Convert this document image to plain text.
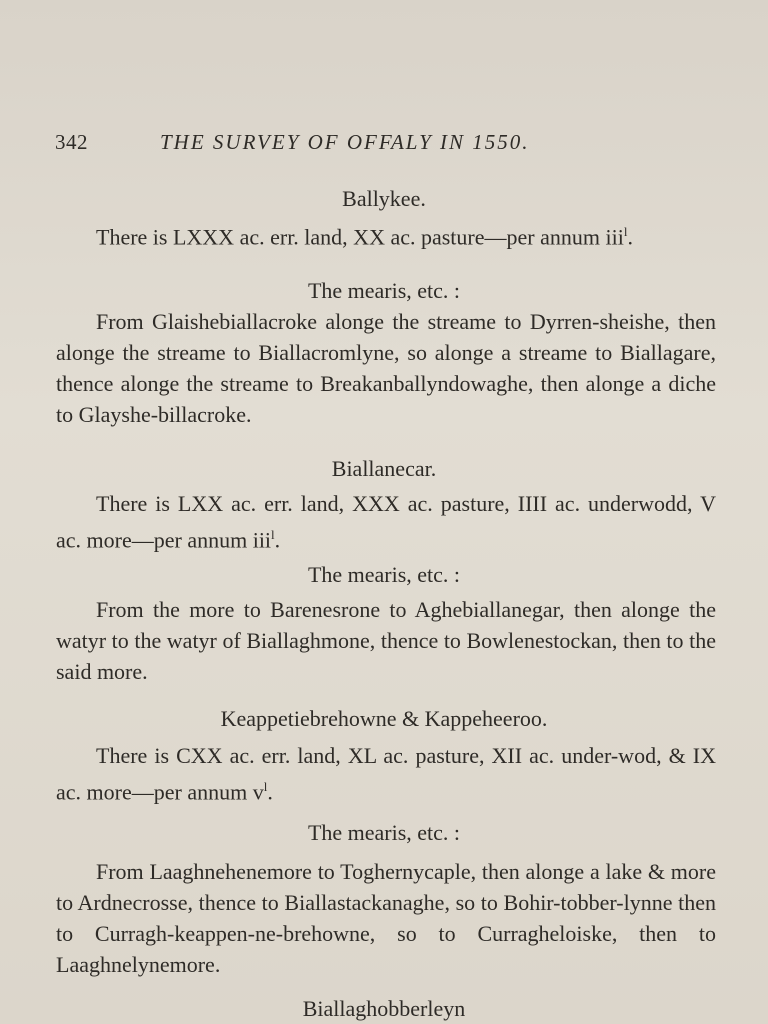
342	THE SURVEY OF OFFALY IN 1550.
Ballykee.
There is LXXX ac. err. land, XX ac. pasture—per annum iii$^l$.
The mearis, etc. :
From Glaishebiallacroke alonge the streame to Dyrren-sheishe, then alonge the streame to Biallacromlyne, so alonge a streame to Biallagare, thence alonge the streame to Breakanballyndowaghe, then alonge a diche to Glayshe-billacroke.
Biallanecar.
There is LXX ac. err. land, XXX ac. pasture, IIII ac. underwodd, V ac. more—per annum iii$^l$.
The mearis, etc. :
From the more to Barenesrone to Aghebiallanegar, then alonge the watyr to the watyr of Biallaghmone, thence to Bowlenestockan, then to the said more.
Keappetiebrehowne & Kappeheeroo.
There is CXX ac. err. land, XL ac. pasture, XII ac. under-wod, & IX ac. more—per annum $v^l$.
The mearis, etc. :
From Laaghnehenemore to Toghernycaple, then alonge a lake & more to Ardnecrosse, thence to Biallastackanaghe, so to Bohir-tobber-lynne then to Curragh-keappen-ne-brehowne, so to Curragheloiske, then to Laaghnelynemore.
Biallaghobberleyn
